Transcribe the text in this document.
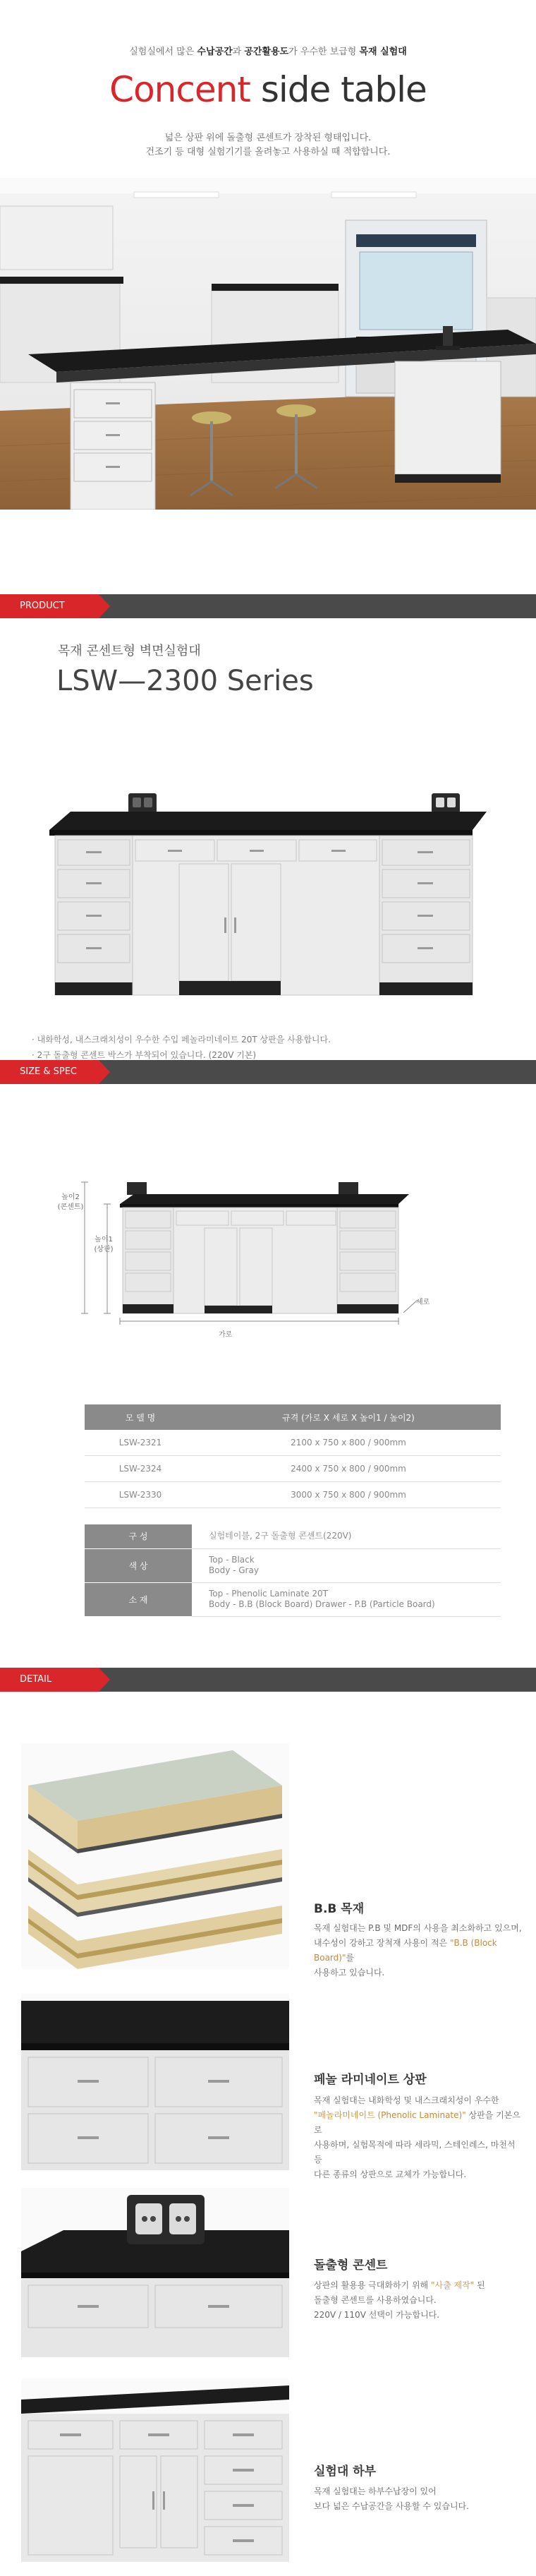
실험실에서 많은 수납공간과 공간활용도가 우수한 보급형 목재 실험대
Concent side table
넓은 상판 위에 돌출형 콘센트가 장착된 형태입니다.
건조기 등 대형 실험기기를 올려놓고 사용하실 때 적합합니다.
※ 상기 연출사진은 "일루이는 실험대"를 모델로 촬영한 이미지입니다.
PRODUCT
목재 콘센트형 벽면실험대
LSW—2300 Series
· 내화학성, 내스크래치성이 우수한 수입 페놀라미네이트 20T 상판을 사용합니다.
· 2구 돌출형 콘센트 박스가 부착되어 있습니다. (220V 기본)
SIZE & SPEC
높이2
(콘센트)
높이1
(상판)
가로
세로
모 델 명	규격 (가로 X 세로 X 높이1 / 높이2)
LSW-2321	2100 x 750 x 800 / 900mm
LSW-2324	2400 x 750 x 800 / 900mm
LSW-2330	3000 x 750 x 800 / 900mm
구 성	실험테이블, 2구 돌출형 콘센트(220V)
색 상	Top - Black
Body - Gray

소 재	Top - Phenolic Laminate 20T
Body - B.B (Block Board) Drawer - P.B (Particle Board)
DETAIL
B.B 목재
목재 실험대는 P.B 및 MDF의 사용을 최소화하고 있으며,
내수성이 강하고 장척재 사용이 적은 "B.B (Block Board)"를
사용하고 있습니다.
페놀 라미네이트 상판
목재 실험대는 내화학성 및 내스크래치성이 우수한
"페놀라미네이트 (Phenolic Laminate)" 상판을 기본으로
사용하며, 실험목적에 따라 세라믹, 스테인레스, 마천석 등
다른 종류의 상판으로 교체가 가능합니다.
돌출형 콘센트
상판의 활용용 극대화하기 위해 "사출 제작" 된
돌출형 콘센트를 사용하였습니다.
220V / 110V 선택이 가능합니다.
실험대 하부
목재 실험대는 하부수납장이 있어
보다 넓은 수납공간을 사용할 수 있습니다.
